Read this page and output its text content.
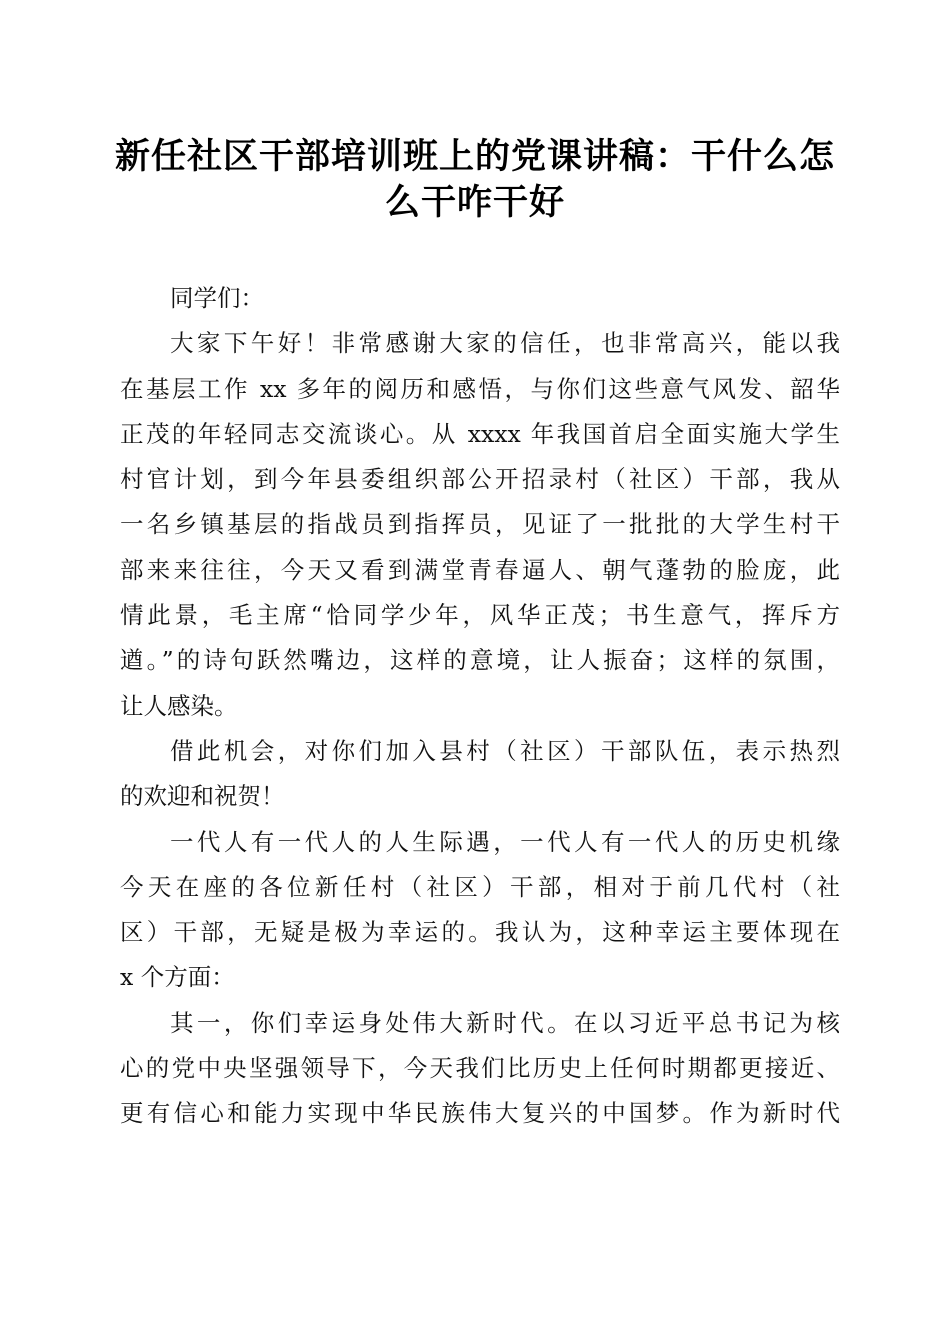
新任社区干部培训班上的党课讲稿：干什么怎
么干咋干好
同学们：
大家下午好！非常感谢大家的信任，也非常高兴，能以我
在基层工作 xx 多年的阅历和感悟，与你们这些意气风发、韶华
正茂的年轻同志交流谈心。从 xxxx 年我国首启全面实施大学生
村官计划，到今年县委组织部公开招录村（社区）干部，我从
一名乡镇基层的指战员到指挥员，见证了一批批的大学生村干
部来来往往，今天又看到满堂青春逼人、朝气蓬勃的脸庞，此
情此景，毛主席“恰同学少年，风华正茂；书生意气，挥斥方
遒。”的诗句跃然嘴边，这样的意境，让人振奋；这样的氛围，
让人感染。
借此机会，对你们加入县村（社区）干部队伍，表示热烈
的欢迎和祝贺！
一代人有一代人的人生际遇，一代人有一代人的历史机缘
今天在座的各位新任村（社区）干部，相对于前几代村（社
区）干部，无疑是极为幸运的。我认为，这种幸运主要体现在
x 个方面：
其一，你们幸运身处伟大新时代。在以习近平总书记为核
心的党中央坚强领导下，今天我们比历史上任何时期都更接近、
更有信心和能力实现中华民族伟大复兴的中国梦。作为新时代
